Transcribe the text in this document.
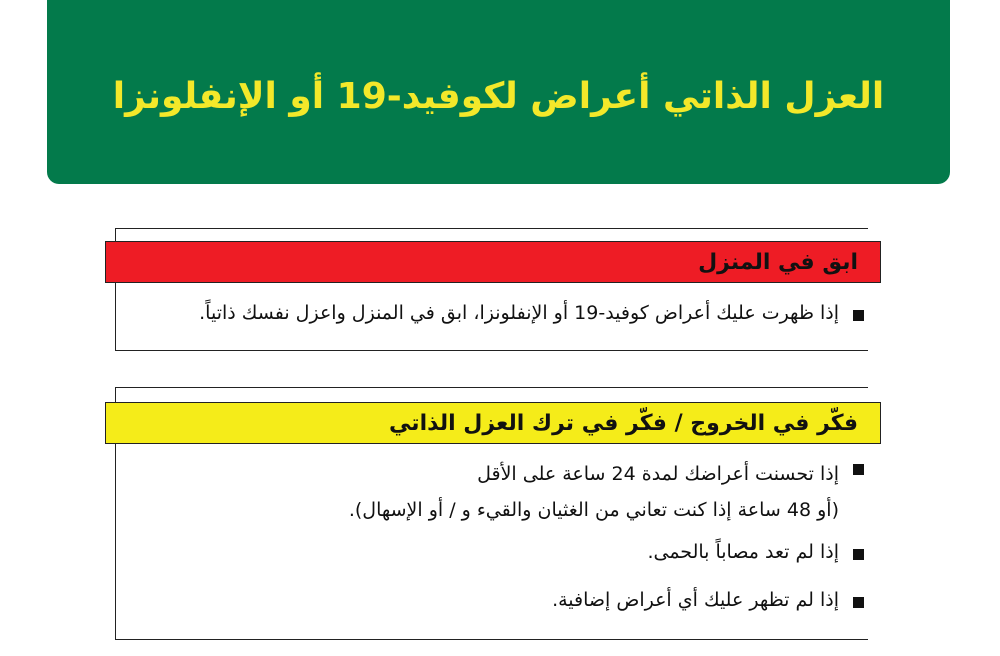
العزل الذاتي أعراض لكوفيد-19 أو الإنفلونزا
ابق في المنزل
إذا ظهرت عليك أعراض كوفيد-19 أو الإنفلونزا، ابق في المنزل واعزل نفسك ذاتياً.
فكّر في الخروج / فكّر في ترك العزل الذاتي
إذا تحسنت أعراضك لمدة 24 ساعة على الأقل
(أو 48 ساعة إذا كنت تعاني من الغثيان والقيء و / أو الإسهال).
إذا لم تعد مصاباً بالحمى.
إذا لم تظهر عليك أي أعراض إضافية.
